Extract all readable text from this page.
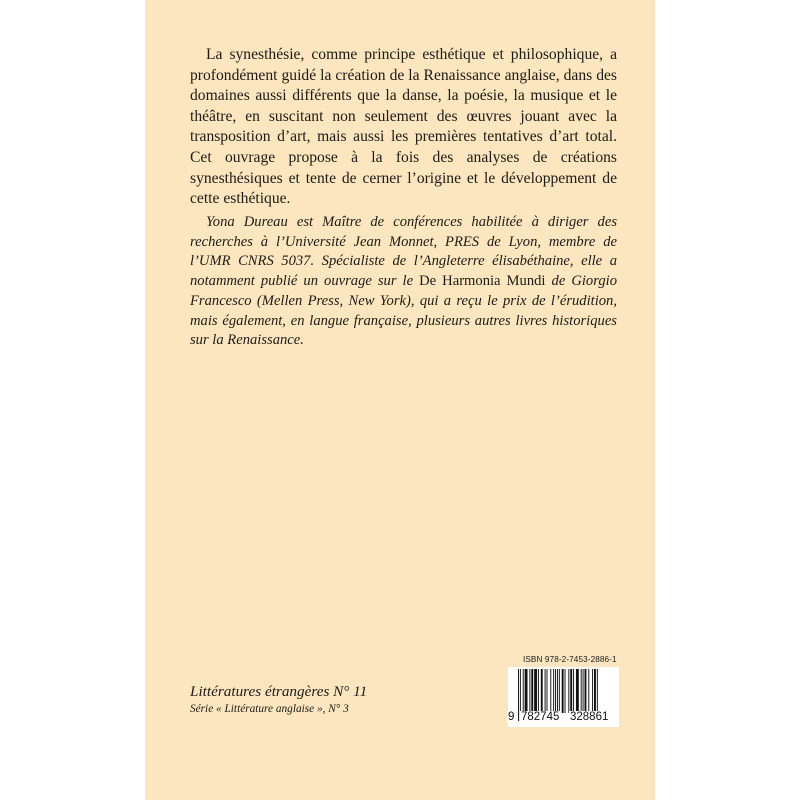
La synesthésie, comme principe esthétique et philosophique, a profondément guidé la création de la Renaissance anglaise, dans des domaines aussi différents que la danse, la poésie, la musique et le théâtre, en suscitant non seulement des œuvres jouant avec la transposition d’art, mais aussi les premières tentatives d’art total. Cet ouvrage propose à la fois des analyses de créations synesthésiques et tente de cerner l’origine et le développement de cette esthétique.

Yona Dureau est Maître de conférences habilitée à diriger des recherches à l’Université Jean Monnet, PRES de Lyon, membre de l’UMR CNRS 5037. Spécialiste de l’Angleterre élisabéthaine, elle a notamment publié un ouvrage sur le De Harmonia Mundi de Giorgio Francesco (Mellen Press, New York), qui a reçu le prix de l’érudition, mais également, en langue française, plusieurs autres livres historiques sur la Renaissance.

Littératures étrangères N° 11
Série « Littérature anglaise », N° 3
ISBN 978-2-7453-2886-1
9 782745 328861
